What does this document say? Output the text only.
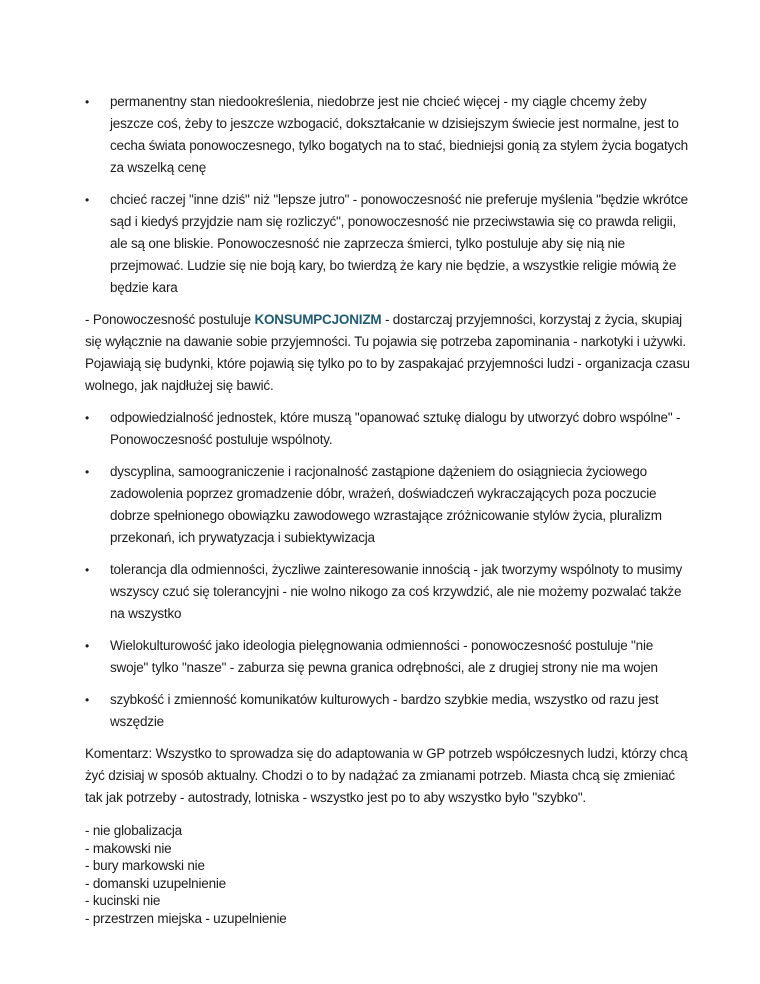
•	permanentny stan niedookreślenia, niedobrze jest nie chcieć więcej - my ciągle chcemy żeby jeszcze coś, żeby to jeszcze wzbogacić, dokształcanie w dzisiejszym świecie jest normalne, jest to cecha świata ponowoczesnego, tylko bogatych na to stać, biedniejsi gonią za stylem życia bogatych za wszelką cenę
•	chcieć raczej "inne dziś" niż "lepsze jutro" - ponowoczesność nie preferuje myślenia "będzie wkrótce sąd i kiedyś przyjdzie nam się rozliczyć", ponowoczesność nie przeciwstawia się co prawda religii, ale są one bliskie. Ponowoczesność nie zaprzecza śmierci, tylko postuluje aby się nią nie przejmować. Ludzie się nie boją kary, bo twierdzą że kary nie będzie, a wszystkie religie mówią że będzie kara

- Ponowoczesność postuluje KONSUMPCJONIZM - dostarczaj przyjemności, korzystaj z życia, skupiaj się wyłącznie na dawanie sobie przyjemności. Tu pojawia się potrzeba zapominania - narkotyki i używki. Pojawiają się budynki, które pojawią się tylko po to by zaspakajać przyjemności ludzi - organizacja czasu wolnego, jak najdłużej się bawić.

•	odpowiedzialność jednostek, które muszą "opanować sztukę dialogu by utworzyć dobro wspólne" - Ponowoczesność postuluje wspólnoty.
•	dyscyplina, samoograniczenie i racjonalność zastąpione dążeniem do osiągniecia życiowego zadowolenia poprzez gromadzenie dóbr, wrażeń, doświadczeń wykraczających poza poczucie dobrze spełnionego obowiązku zawodowego wzrastające zróżnicowanie stylów życia, pluralizm przekonań, ich prywatyzacja i subiektywizacja
•	tolerancja dla odmienności, życzliwe zainteresowanie innością - jak tworzymy wspólnoty to musimy wszyscy czuć się tolerancyjni - nie wolno nikogo za coś krzywdzić, ale nie możemy pozwalać także na wszystko
•	Wielokulturowość jako ideologia pielęgnowania odmienności - ponowoczesność postuluje "nie swoje" tylko "nasze" - zaburza się pewna granica odrębności, ale z drugiej strony nie ma wojen
•	szybkość i zmienność komunikatów kulturowych - bardzo szybkie media, wszystko od razu jest wszędzie

Komentarz: Wszystko to sprowadza się do adaptowania w GP potrzeb współczesnych ludzi, którzy chcą żyć dzisiaj w sposób aktualny. Chodzi o to by nadążać za zmianami potrzeb. Miasta chcą się zmieniać tak jak potrzeby - autostrady, lotniska - wszystko jest po to aby wszystko było "szybko".

- nie globalizacja

- makowski nie

- bury markowski nie

- domanski uzupelnienie

- kucinski nie

- przestrzen miejska - uzupelnienie
